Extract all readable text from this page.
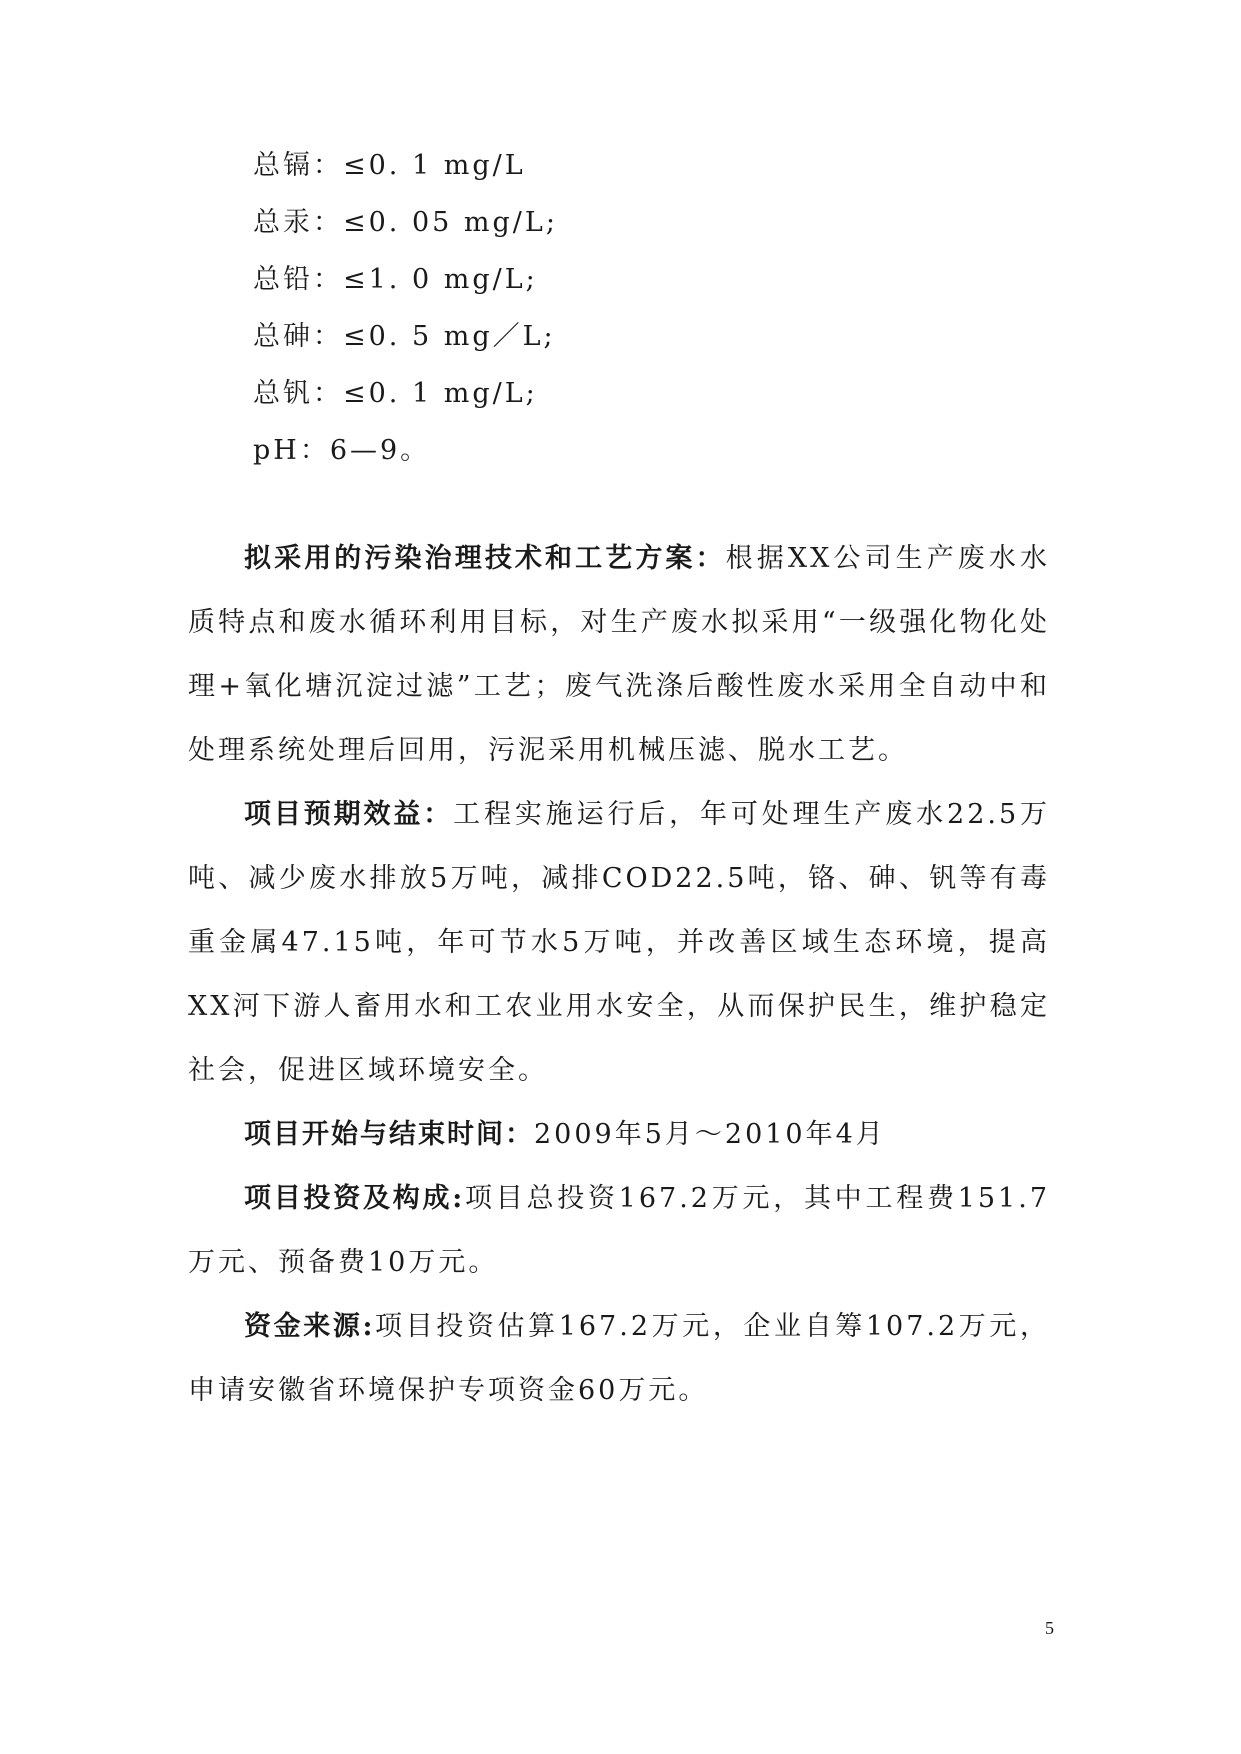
总镉：≤0. 1 mg/L
总汞：≤0. 05 mg/L;
总铅：≤1. 0 mg/L;
总砷：≤0. 5 mg／L;
总钒：≤0. 1 mg/L;
pH：6—9。
拟采用的污染治理技术和工艺方案：根据XX公司生产废水水质特点和废水循环利用目标，对生产废水拟采用“一级强化物化处理+氧化塘沉淀过滤”工艺；废气洗涤后酸性废水采用全自动中和处理系统处理后回用，污泥采用机械压滤、脱水工艺。
项目预期效益：工程实施运行后，年可处理生产废水22.5万吨、减少废水排放5万吨，减排COD22.5吨，铬、砷、钒等有毒重金属47.15吨，年可节水5万吨，并改善区域生态环境，提高XX河下游人畜用水和工农业用水安全，从而保护民生，维护稳定社会，促进区域环境安全。
项目开始与结束时间：2009年5月～2010年4月
项目投资及构成:项目总投资167.2万元，其中工程费151.7万元、预备费10万元。
资金来源:项目投资估算167.2万元，企业自筹107.2万元，申请安徽省环境保护专项资金60万元。
5
